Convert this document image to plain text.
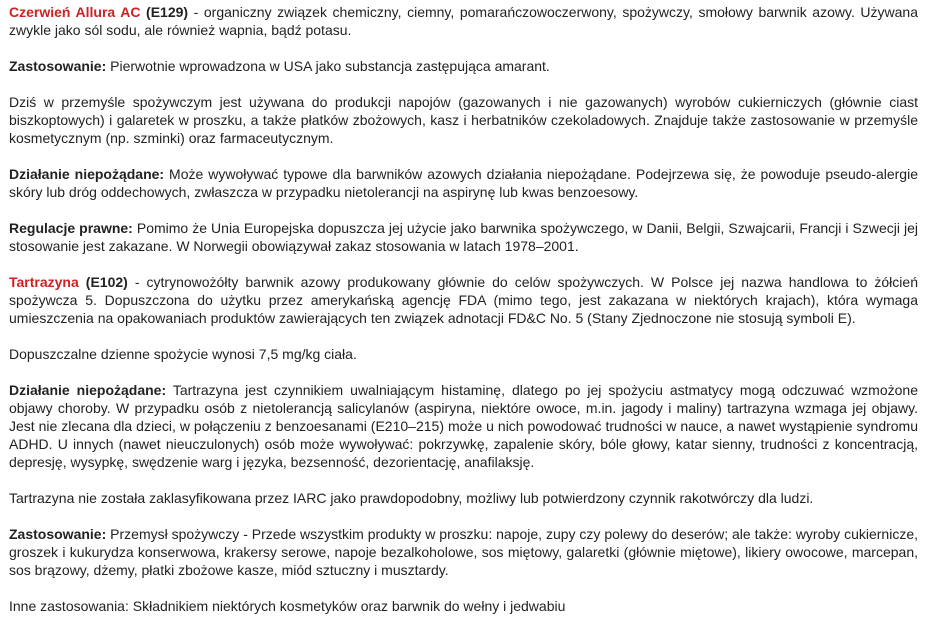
Czerwień Allura AC (E129) - organiczny związek chemiczny, ciemny, pomarańczowoczerwony, spożywczy, smołowy barwnik azowy. Używana zwykle jako sól sodu, ale również wapnia, bądź potasu.

Zastosowanie: Pierwotnie wprowadzona w USA jako substancja zastępująca amarant.

Dziś w przemyśle spożywczym jest używana do produkcji napojów (gazowanych i nie gazowanych) wyrobów cukierniczych (głównie ciast biszkoptowych) i galaretek w proszku, a także płatków zbożowych, kasz i herbatników czekoladowych. Znajduje także zastosowanie w przemyśle kosmetycznym (np. szminki) oraz farmaceutycznym.

Działanie niepożądane: Może wywoływać typowe dla barwników azowych działania niepożądane. Podejrzewa się, że powoduje pseudo-alergie skóry lub dróg oddechowych, zwłaszcza w przypadku nietolerancji na aspirynę lub kwas benzoesowy.

Regulacje prawne: Pomimo że Unia Europejska dopuszcza jej użycie jako barwnika spożywczego, w Danii, Belgii, Szwajcarii, Francji i Szwecji jej stosowanie jest zakazane. W Norwegii obowiązywał zakaz stosowania w latach 1978–2001.

Tartrazyna (E102) - cytrynowożółty barwnik azowy produkowany głównie do celów spożywczych. W Polsce jej nazwa handlowa to żółcień spożywcza 5. Dopuszczona do użytku przez amerykańską agencję FDA (mimo tego, jest zakazana w niektórych krajach), która wymaga umieszczenia na opakowaniach produktów zawierających ten związek adnotacji FD&C No. 5 (Stany Zjednoczone nie stosują symboli E).

Dopuszczalne dzienne spożycie wynosi 7,5 mg/kg ciała.

Działanie niepożądane: Tartrazyna jest czynnikiem uwalniającym histaminę, dlatego po jej spożyciu astmatycy mogą odczuwać wzmożone objawy choroby. W przypadku osób z nietolerancją salicylanów (aspiryna, niektóre owoce, m.in. jagody i maliny) tartrazyna wzmaga jej objawy. Jest nie zlecana dla dzieci, w połączeniu z benzoesanami (E210–215) może u nich powodować trudności w nauce, a nawet wystąpienie syndromu ADHD. U innych (nawet nieuczulonych) osób może wywoływać: pokrzywkę, zapalenie skóry, bóle głowy, katar sienny, trudności z koncentracją, depresję, wysypkę, swędzenie warg i języka, bezsenność, dezorientację, anafilaksję.

Tartrazyna nie została zaklasyfikowana przez IARC jako prawdopodobny, możliwy lub potwierdzony czynnik rakotwórczy dla ludzi.

Zastosowanie: Przemysł spożywczy - Przede wszystkim produkty w proszku: napoje, zupy czy polewy do deserów; ale także: wyroby cukiernicze, groszek i kukurydza konserwowa, krakersy serowe, napoje bezalkoholowe, sos miętowy, galaretki (głównie miętowe), likiery owocowe, marcepan, sos brązowy, dżemy, płatki zbożowe kasze, miód sztuczny i musztardy.

Inne zastosowania: Składnikiem niektórych kosmetyków oraz barwnik do wełny i jedwabiu
